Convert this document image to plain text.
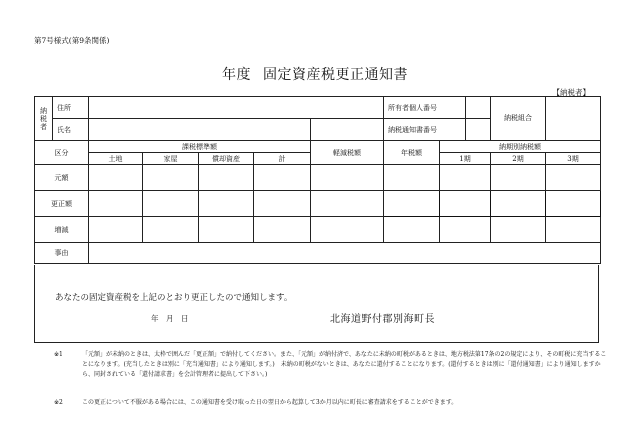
第7号様式(第9条関係)
年度 固定資産税更正通知書
【納税者】
納税者	住所						所有者個人番号			納税組合	
	氏名						納税通知書番号				
区分		課税標準額				軽減税額	年税額	納期別納税額			
		土地	家屋	償却資産	計			1期		2期	3期
元額											
更正額											
増減											
事由											
あなたの固定資産税を上記のとおり更正したので通知します。
年　月　日	北海道野付郡別海町長
※1	「元額」が未納のときは、太枠で囲んだ「更正額」で納付してください。また、「元額」が納付済で、あなたに未納の町税があるときは、地方税法第17条の2の規定により、その町税に充当することになります。(充当したときは別に「充当通知書」により通知します。)　未納の町税がないときは、あなたに還付することになります。(還付するときは別に「還付通知書」により通知しますから、同封されている「還付請求書」を会計管理者に提出して下さい。)
※2	この更正について不服がある場合には、この通知書を受け取った日の翌日から起算して3か月以内に町長に審査請求をすることができます。
